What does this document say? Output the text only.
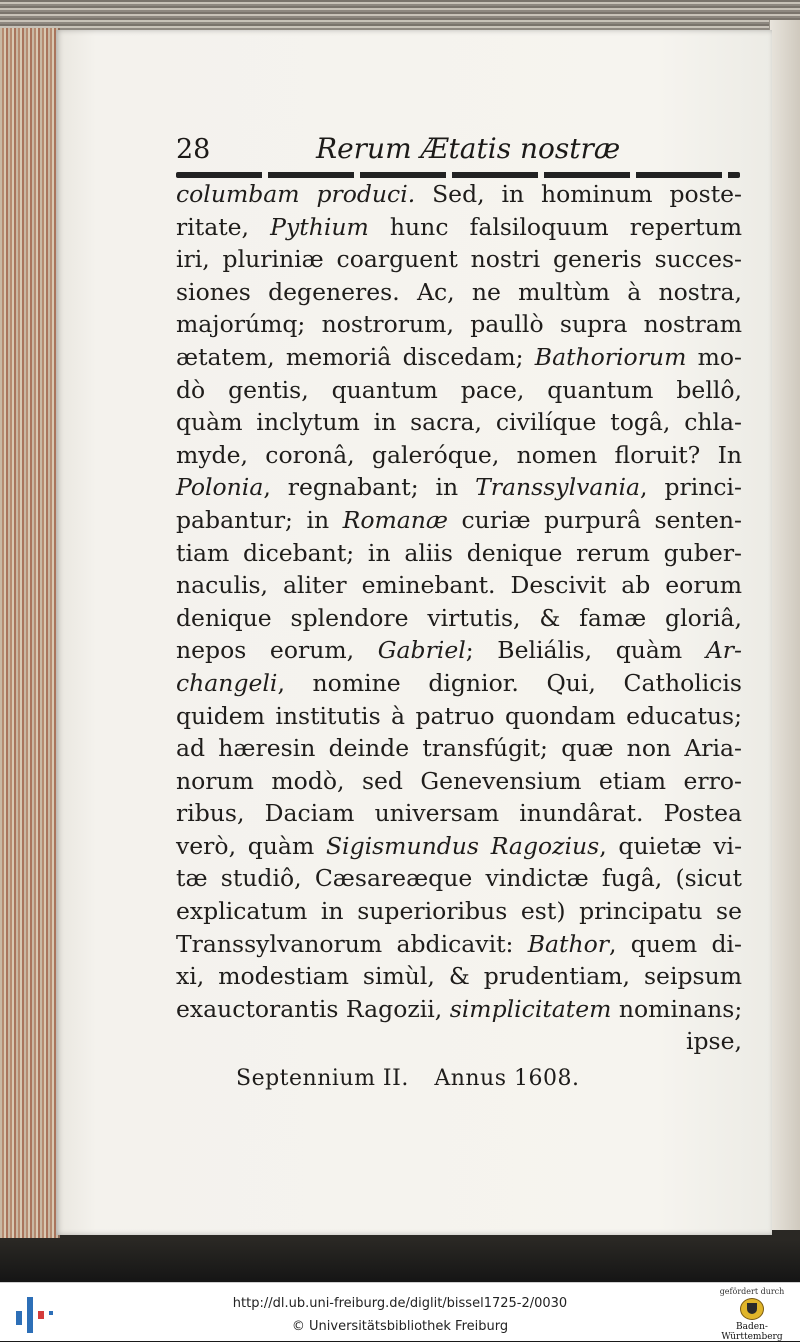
28	Rerum Ætatis nostræ
columbam produci. Sed, in hominum poste-
ritate, Pythium hunc falsiloquum repertum
iri, pluriniæ coarguent nostri generis succes-
siones degeneres. Ac, ne multùm à nostra,
majorúmq; nostrorum, paullò supra nostram
ætatem, memoriâ discedam; Bathoriorum mo-
dò gentis, quantum pace, quantum bellô,
quàm inclytum in sacra, civilíque togâ, chla-
myde, coronâ, galeróque, nomen floruit? In
Polonia, regnabant; in Transsylvania, princi-
pabantur; in Romanæ curiæ purpurâ senten-
tiam dicebant; in aliis denique rerum guber-
naculis, aliter eminebant. Descivit ab eorum
denique splendore virtutis, & famæ gloriâ,
nepos eorum, Gabriel; Beliális, quàm Ar-
changeli, nomine dignior. Qui, Catholicis
quidem institutis à patruo quondam educatus;
ad hæresin deinde transfúgit; quæ non Aria-
norum modò, sed Genevensium etiam erro-
ribus, Daciam universam inundârat. Postea
verò, quàm Sigismundus Ragozius, quietæ vi-
tæ studiô, Cæsareæque vindictæ fugâ, (sicut
explicatum in superioribus est) principatu se
Transsylvanorum abdicavit: Bathor, quem di-
xi, modestiam simùl, & prudentiam, seipsum
exauctorantis Ragozii, simplicitatem nominans;
ipse,
Septennium II. Annus 1608.
http://dl.ub.uni-freiburg.de/diglit/bissel1725-2/0030
© Universitätsbibliothek Freiburg
gefördert durch
Baden-Württemberg
